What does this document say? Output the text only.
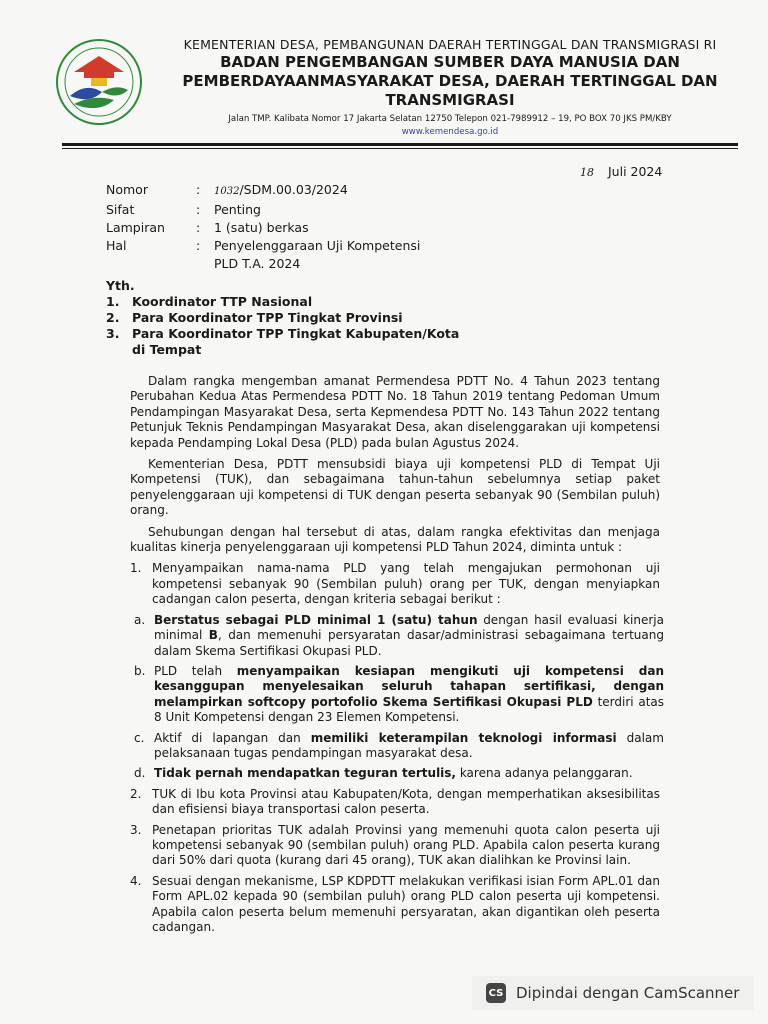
KEMENTERIAN DESA, PEMBANGUNAN DAERAH TERTINGGAL DAN TRANSMIGRASI RI
BADAN PENGEMBANGAN SUMBER DAYA MANUSIA DAN
PEMBERDAYAANMASYARAKAT DESA, DAERAH TERTINGGAL DAN
TRANSMIGRASI
Jalan TMP. Kalibata Nomor 17 Jakarta Selatan 12750 Telepon 021-7989912 – 19, PO BOX 70 JKS PM/KBY
www.kemendesa.go.id
18 Juli 2024
Nomor	:	1032/SDM.00.03/2024
Sifat	:	Penting
Lampiran	:	1 (satu) berkas
Hal	:	Penyelenggaraan Uji Kompetensi
PLD T.A. 2024
Yth.
1.	Koordinator TTP Nasional
2.	Para Koordinator TPP Tingkat Provinsi
3.	Para Koordinator TPP Tingkat Kabupaten/Kota
di Tempat

Dalam rangka mengemban amanat Permendesa PDTT No. 4 Tahun 2023 tentang Perubahan Kedua Atas Permendesa PDTT No. 18 Tahun 2019 tentang Pedoman Umum Pendampingan Masyarakat Desa, serta Kepmendesa PDTT No. 143 Tahun 2022 tentang Petunjuk Teknis Pendampingan Masyarakat Desa, akan diselenggarakan uji kompetensi kepada Pendamping Lokal Desa (PLD) pada bulan Agustus 2024.

Kementerian Desa, PDTT mensubsidi biaya uji kompetensi PLD di Tempat Uji Kompetensi (TUK), dan sebagaimana tahun-tahun sebelumnya setiap paket penyelenggaraan uji kompetensi di TUK dengan peserta sebanyak 90 (Sembilan puluh) orang.

Sehubungan dengan hal tersebut di atas, dalam rangka efektivitas dan menjaga kualitas kinerja penyelenggaraan uji kompetensi PLD Tahun 2024, diminta untuk :

1. Menyampaikan nama-nama PLD yang telah mengajukan permohonan uji kompetensi sebanyak 90 (Sembilan puluh) orang per TUK, dengan menyiapkan cadangan calon peserta, dengan kriteria sebagai berikut :
a. Berstatus sebagai PLD minimal 1 (satu) tahun dengan hasil evaluasi kinerja minimal B, dan memenuhi persyaratan dasar/administrasi sebagaimana tertuang dalam Skema Sertifikasi Okupasi PLD.
b. PLD telah menyampaikan kesiapan mengikuti uji kompetensi dan kesanggupan menyelesaikan seluruh tahapan sertifikasi, dengan melampirkan softcopy portofolio Skema Sertifikasi Okupasi PLD terdiri atas 8 Unit Kompetensi dengan 23 Elemen Kompetensi.
c. Aktif di lapangan dan memiliki keterampilan teknologi informasi dalam pelaksanaan tugas pendampingan masyarakat desa.
d. Tidak pernah mendapatkan teguran tertulis, karena adanya pelanggaran.
2. TUK di Ibu kota Provinsi atau Kabupaten/Kota, dengan memperhatikan aksesibilitas dan efisiensi biaya transportasi calon peserta.
3. Penetapan prioritas TUK adalah Provinsi yang memenuhi quota calon peserta uji kompetensi sebanyak 90 (sembilan puluh) orang PLD. Apabila calon peserta kurang dari 50% dari quota (kurang dari 45 orang), TUK akan dialihkan ke Provinsi lain.
4. Sesuai dengan mekanisme, LSP KDPDTT melakukan verifikasi isian Form APL.01 dan Form APL.02 kepada 90 (sembilan puluh) orang PLD calon peserta uji kompetensi. Apabila calon peserta belum memenuhi persyaratan, akan digantikan oleh peserta cadangan.
CS Dipindai dengan CamScanner
